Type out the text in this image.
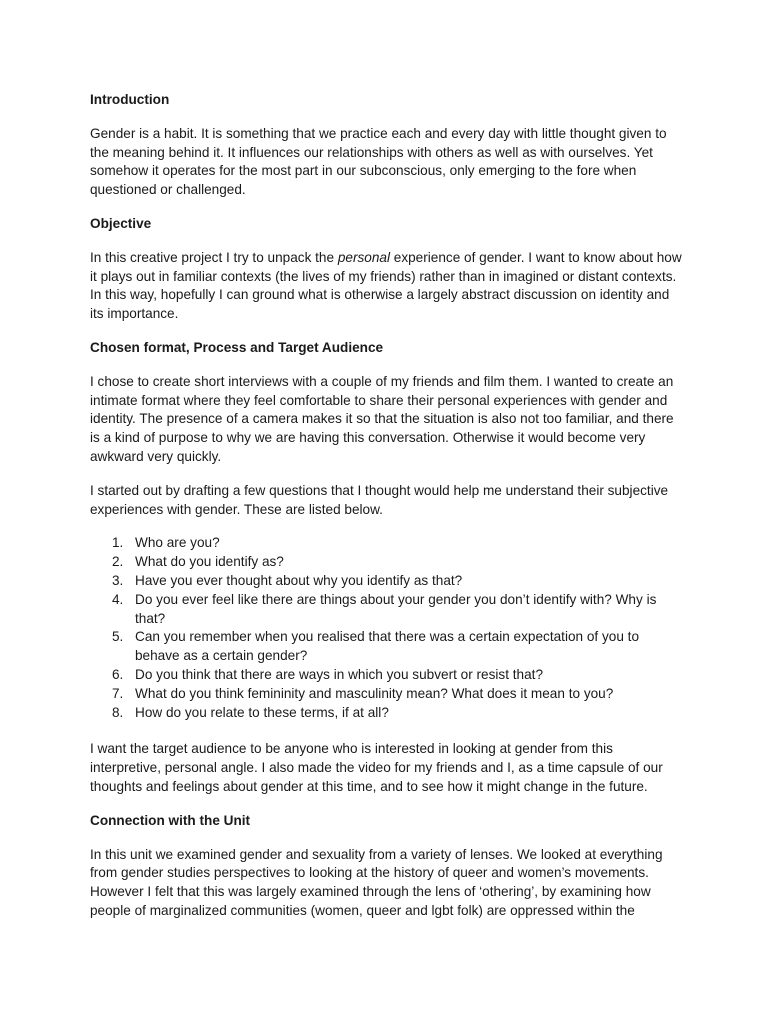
Introduction

Gender is a habit. It is something that we practice each and every day with little thought given to the meaning behind it. It influences our relationships with others as well as with ourselves. Yet somehow it operates for the most part in our subconscious, only emerging to the fore when questioned or challenged.

Objective

In this creative project I try to unpack the personal experience of gender. I want to know about how it plays out in familiar contexts (the lives of my friends) rather than in imagined or distant contexts. In this way, hopefully I can ground what is otherwise a largely abstract discussion on identity and its importance.

Chosen format, Process and Target Audience

I chose to create short interviews with a couple of my friends and film them. I wanted to create an intimate format where they feel comfortable to share their personal experiences with gender and identity. The presence of a camera makes it so that the situation is also not too familiar, and there is a kind of purpose to why we are having this conversation. Otherwise it would become very awkward very quickly.

I started out by drafting a few questions that I thought would help me understand their subjective experiences with gender. These are listed below.

1. Who are you?
2. What do you identify as?
3. Have you ever thought about why you identify as that?
4. Do you ever feel like there are things about your gender you don’t identify with? Why is that?
5. Can you remember when you realised that there was a certain expectation of you to behave as a certain gender?
6. Do you think that there are ways in which you subvert or resist that?
7. What do you think femininity and masculinity mean? What does it mean to you?
8. How do you relate to these terms, if at all?

I want the target audience to be anyone who is interested in looking at gender from this interpretive, personal angle. I also made the video for my friends and I, as a time capsule of our thoughts and feelings about gender at this time, and to see how it might change in the future.

Connection with the Unit

In this unit we examined gender and sexuality from a variety of lenses. We looked at everything from gender studies perspectives to looking at the history of queer and women’s movements. However I felt that this was largely examined through the lens of ‘othering’, by examining how people of marginalized communities (women, queer and lgbt folk) are oppressed within the
